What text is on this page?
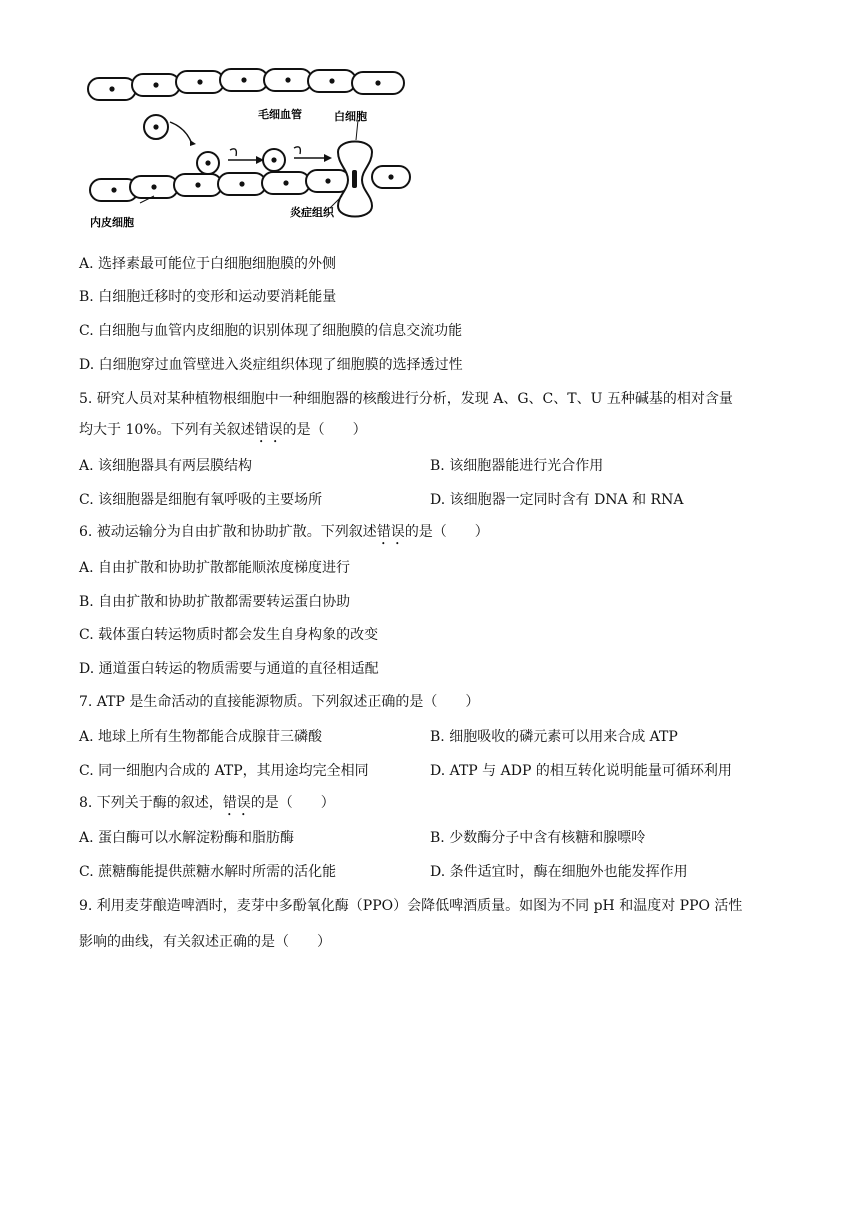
毛细血管	白细胞
内皮细胞
炎症组织
A. 选择素最可能位于白细胞细胞膜的外侧
B. 白细胞迁移时的变形和运动要消耗能量
C. 白细胞与血管内皮细胞的识别体现了细胞膜的信息交流功能
D. 白细胞穿过血管壁进入炎症组织体现了细胞膜的选择透过性
5. 研究人员对某种植物根细胞中一种细胞器的核酸进行分析，发现 A、G、C、T、U 五种碱基的相对含量
均大于 10%。下列有关叙述错误的是（　　）
A. 该细胞器具有两层膜结构	B. 该细胞器能进行光合作用
C. 该细胞器是细胞有氧呼吸的主要场所	D. 该细胞器一定同时含有 DNA 和 RNA
6. 被动运输分为自由扩散和协助扩散。下列叙述错误的是（　　）
A. 自由扩散和协助扩散都能顺浓度梯度进行
B. 自由扩散和协助扩散都需要转运蛋白协助
C. 载体蛋白转运物质时都会发生自身构象的改变
D. 通道蛋白转运的物质需要与通道的直径相适配
7. ATP 是生命活动的直接能源物质。下列叙述正确的是（　　）
A. 地球上所有生物都能合成腺苷三磷酸	B. 细胞吸收的磷元素可以用来合成 ATP
C. 同一细胞内合成的 ATP，其用途均完全相同	D. ATP 与 ADP 的相互转化说明能量可循环利用
8. 下列关于酶的叙述，错误的是（　　）
A. 蛋白酶可以水解淀粉酶和脂肪酶	B. 少数酶分子中含有核糖和腺嘌呤
C. 蔗糖酶能提供蔗糖水解时所需的活化能	D. 条件适宜时，酶在细胞外也能发挥作用
9. 利用麦芽酿造啤酒时，麦芽中多酚氧化酶（PPO）会降低啤酒质量。如图为不同 pH 和温度对 PPO 活性
影响的曲线，有关叙述正确的是（　　）
